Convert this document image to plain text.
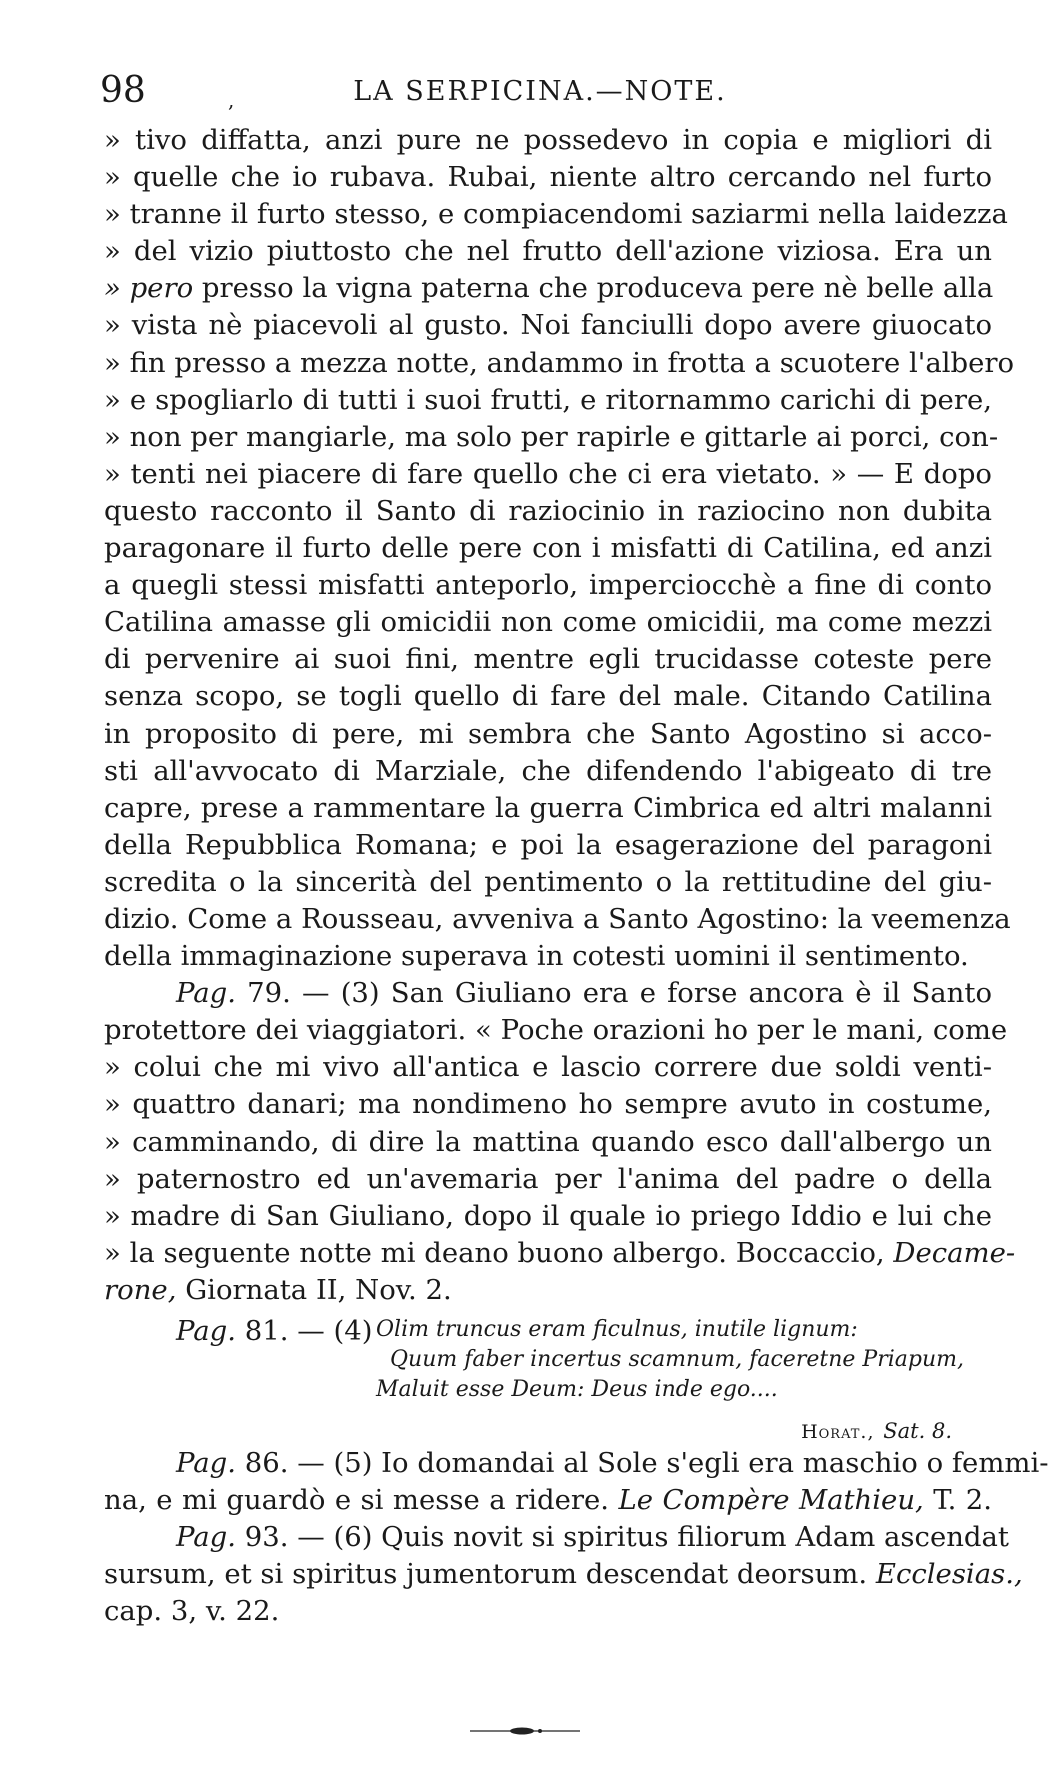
98	,	LA SERPICINA.—NOTE.
» tivo diffatta, anzi pure ne possedevo in copia e migliori di
» quelle che io rubava. Rubai, niente altro cercando nel furto
» tranne il furto stesso, e compiacendomi saziarmi nella laidezza
» del vizio piuttosto che nel frutto dell'azione viziosa. Era un
» pero presso la vigna paterna che produceva pere nè belle alla
» vista nè piacevoli al gusto. Noi fanciulli dopo avere giuocato
» fin presso a mezza notte, andammo in frotta a scuotere l'albero
» e spogliarlo di tutti i suoi frutti, e ritornammo carichi di pere,
» non per mangiarle, ma solo per rapirle e gittarle ai porci, con-
» tenti nei piacere di fare quello che ci era vietato. » — E dopo
questo racconto il Santo di raziocinio in raziocino non dubita
paragonare il furto delle pere con i misfatti di Catilina, ed anzi
a quegli stessi misfatti anteporlo, imperciocchè a fine di conto
Catilina amasse gli omicidii non come omicidii, ma come mezzi
di pervenire ai suoi fini, mentre egli trucidasse coteste pere
senza scopo, se togli quello di fare del male. Citando Catilina
in proposito di pere, mi sembra che Santo Agostino si acco-
sti all'avvocato di Marziale, che difendendo l'abigeato di tre
capre, prese a rammentare la guerra Cimbrica ed altri malanni
della Repubblica Romana; e poi la esagerazione del paragoni
scredita o la sincerità del pentimento o la rettitudine del giu-
dizio. Come a Rousseau, avveniva a Santo Agostino: la veemenza
della immaginazione superava in cotesti uomini il sentimento.
Pag. 79. — (3) San Giuliano era e forse ancora è il Santo
protettore dei viaggiatori. « Poche orazioni ho per le mani, come
» colui che mi vivo all'antica e lascio correre due soldi venti-
» quattro danari; ma nondimeno ho sempre avuto in costume,
» camminando, di dire la mattina quando esco dall'albergo un
» paternostro ed un'avemaria per l'anima del padre o della
» madre di San Giuliano, dopo il quale io priego Iddio e lui che
» la seguente notte mi deano buono albergo. Boccaccio, Decame-
rone, Giornata II, Nov. 2.
Pag. 81. — (4) Olim truncus eram ficulnus, inutile lignum:
Quum faber incertus scamnum, faceretne Priapum,
Maluit esse Deum: Deus inde ego....
Horat., Sat. 8.
Pag. 86. — (5) Io domandai al Sole s'egli era maschio o femmi-
na, e mi guardò e si messe a ridere. Le Compère Mathieu, T. 2.
Pag. 93. — (6) Quis novit si spiritus filiorum Adam ascendat
sursum, et si spiritus jumentorum descendat deorsum. Ecclesias.,
cap. 3, v. 22.
